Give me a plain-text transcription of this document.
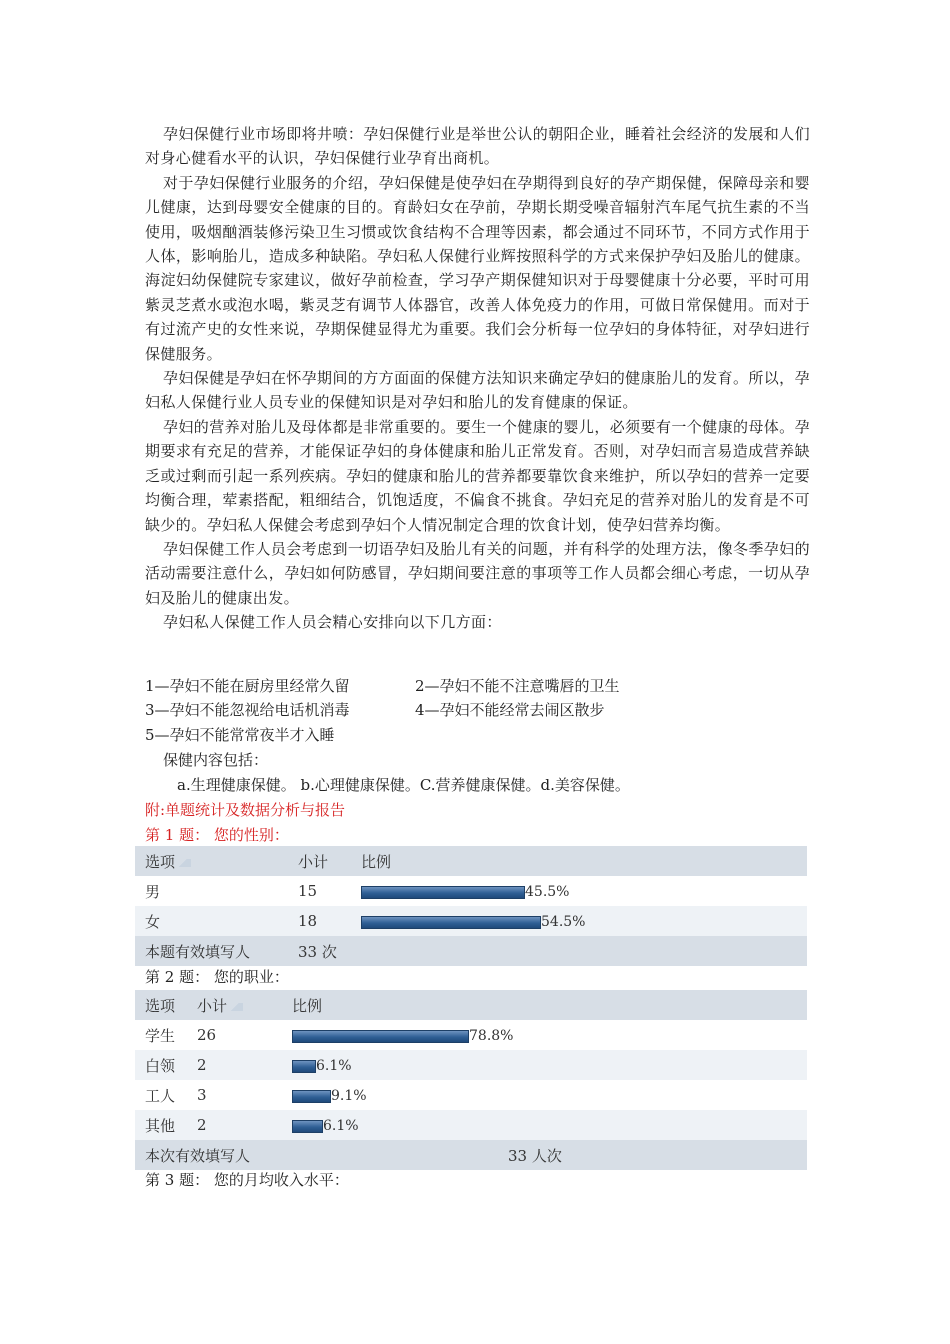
孕妇保健行业市场即将井喷：孕妇保健行业是举世公认的朝阳企业，睡着社会经济的发展和人们对身心健看水平的认识，孕妇保健行业孕育出商机。

对于孕妇保健行业服务的介绍，孕妇保健是使孕妇在孕期得到良好的孕产期保健，保障母亲和婴儿健康，达到母婴安全健康的目的。育龄妇女在孕前，孕期长期受噪音辐射汽车尾气抗生素的不当使用，吸烟酗酒装修污染卫生习惯或饮食结构不合理等因素，都会通过不同环节，不同方式作用于人体，影响胎儿，造成多种缺陷。孕妇私人保健行业辉按照科学的方式来保护孕妇及胎儿的健康。海淀妇幼保健院专家建议，做好孕前检查，学习孕产期保健知识对于母婴健康十分必要，平时可用紫灵芝煮水或泡水喝，紫灵芝有调节人体器官，改善人体免疫力的作用，可做日常保健用。而对于有过流产史的女性来说，孕期保健显得尤为重要。我们会分析每一位孕妇的身体特征，对孕妇进行保健服务。

孕妇保健是孕妇在怀孕期间的方方面面的保健方法知识来确定孕妇的健康胎儿的发育。所以，孕妇私人保健行业人员专业的保健知识是对孕妇和胎儿的发育健康的保证。

孕妇的营养对胎儿及母体都是非常重要的。要生一个健康的婴儿，必须要有一个健康的母体。孕期要求有充足的营养，才能保证孕妇的身体健康和胎儿正常发育。否则，对孕妇而言易造成营养缺乏或过剩而引起一系列疾病。孕妇的健康和胎儿的营养都要靠饮食来维护，所以孕妇的营养一定要均衡合理，荤素搭配，粗细结合，饥饱适度，不偏食不挑食。孕妇充足的营养对胎儿的发育是不可缺少的。孕妇私人保健会考虑到孕妇个人情况制定合理的饮食计划，使孕妇营养均衡。

孕妇保健工作人员会考虑到一切语孕妇及胎儿有关的问题，并有科学的处理方法，像冬季孕妇的活动需要注意什么，孕妇如何防感冒，孕妇期间要注意的事项等工作人员都会细心考虑，一切从孕妇及胎儿的健康出发。

孕妇私人保健工作人员会精心安排向以下几方面：

1—孕妇不能在厨房里经常久留	2—孕妇不能不注意嘴唇的卫生
3—孕妇不能忽视给电话机消毒	4—孕妇不能经常去闹区散步
5—孕妇不能常常夜半才入睡
保健内容包括：
a.生理健康保健。 b.心理健康保健。C.营养健康保健。d.美容保健。
附:单题统计及数据分析与报告
第 1 题： 您的性别：
选项	小计	比例
男	15	45.5%
女	18	54.5%
本题有效填写人	33 次	
第 2 题： 您的职业：
选项	小计	比例
学生	26	78.8%
白领	2	6.1%
工人	3	9.1%
其他	2	6.1%
本次有效填写人		33 人次
第 3 题： 您的月均收入水平：
